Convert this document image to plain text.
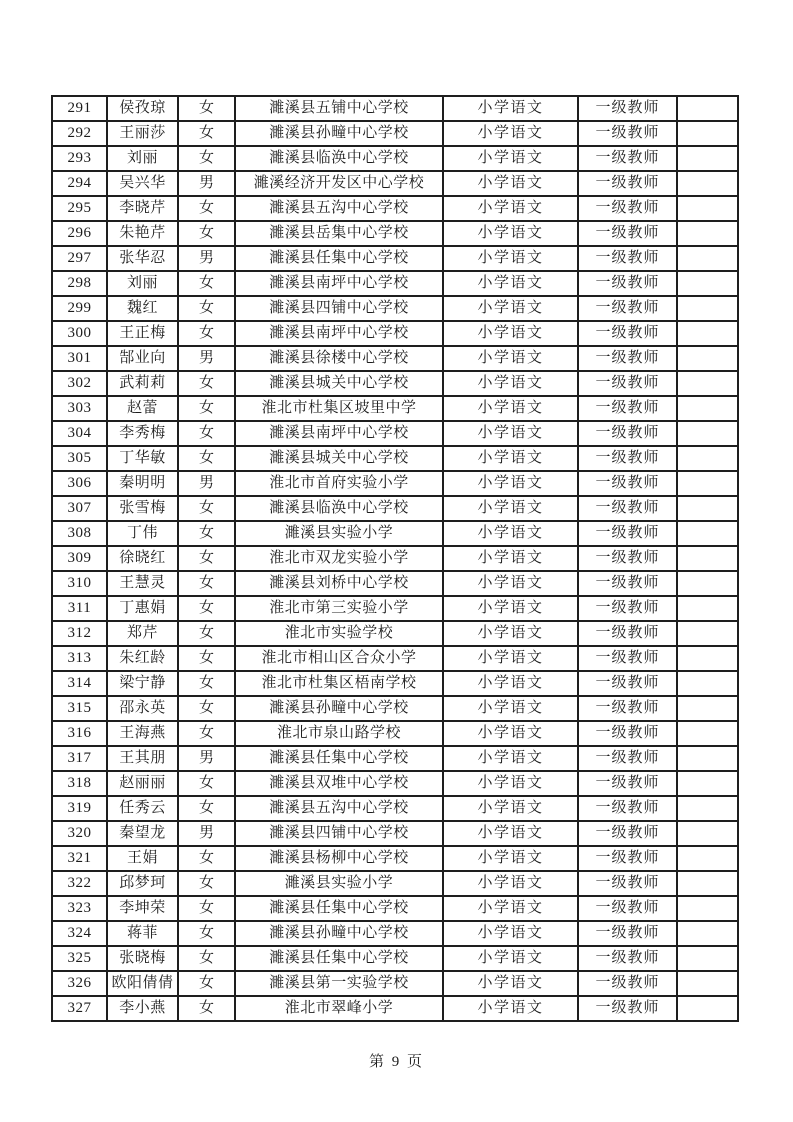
291	侯孜琼	女	濉溪县五铺中心学校	小学语文	一级教师	
292	王丽莎	女	濉溪县孙疃中心学校	小学语文	一级教师	
293	刘丽	女	濉溪县临涣中心学校	小学语文	一级教师	
294	吴兴华	男	濉溪经济开发区中心学校	小学语文	一级教师	
295	李晓芹	女	濉溪县五沟中心学校	小学语文	一级教师	
296	朱艳芹	女	濉溪县岳集中心学校	小学语文	一级教师	
297	张华忍	男	濉溪县任集中心学校	小学语文	一级教师	
298	刘丽	女	濉溪县南坪中心学校	小学语文	一级教师	
299	魏红	女	濉溪县四铺中心学校	小学语文	一级教师	
300	王正梅	女	濉溪县南坪中心学校	小学语文	一级教师	
301	郜业向	男	濉溪县徐楼中心学校	小学语文	一级教师	
302	武莉莉	女	濉溪县城关中心学校	小学语文	一级教师	
303	赵蕾	女	淮北市杜集区坡里中学	小学语文	一级教师	
304	李秀梅	女	濉溪县南坪中心学校	小学语文	一级教师	
305	丁华敏	女	濉溪县城关中心学校	小学语文	一级教师	
306	秦明明	男	淮北市首府实验小学	小学语文	一级教师	
307	张雪梅	女	濉溪县临涣中心学校	小学语文	一级教师	
308	丁伟	女	濉溪县实验小学	小学语文	一级教师	
309	徐晓红	女	淮北市双龙实验小学	小学语文	一级教师	
310	王慧灵	女	濉溪县刘桥中心学校	小学语文	一级教师	
311	丁惠娟	女	淮北市第三实验小学	小学语文	一级教师	
312	郑芹	女	淮北市实验学校	小学语文	一级教师	
313	朱红龄	女	淮北市相山区合众小学	小学语文	一级教师	
314	梁宁静	女	淮北市杜集区梧南学校	小学语文	一级教师	
315	邵永英	女	濉溪县孙疃中心学校	小学语文	一级教师	
316	王海燕	女	淮北市泉山路学校	小学语文	一级教师	
317	王其朋	男	濉溪县任集中心学校	小学语文	一级教师	
318	赵丽丽	女	濉溪县双堆中心学校	小学语文	一级教师	
319	任秀云	女	濉溪县五沟中心学校	小学语文	一级教师	
320	秦望龙	男	濉溪县四铺中心学校	小学语文	一级教师	
321	王娟	女	濉溪县杨柳中心学校	小学语文	一级教师	
322	邱梦珂	女	濉溪县实验小学	小学语文	一级教师	
323	李坤荣	女	濉溪县任集中心学校	小学语文	一级教师	
324	蒋菲	女	濉溪县孙疃中心学校	小学语文	一级教师	
325	张晓梅	女	濉溪县任集中心学校	小学语文	一级教师	
326	欧阳倩倩	女	濉溪县第一实验学校	小学语文	一级教师	
327	李小燕	女	淮北市翠峰小学	小学语文	一级教师	
第 9 页
